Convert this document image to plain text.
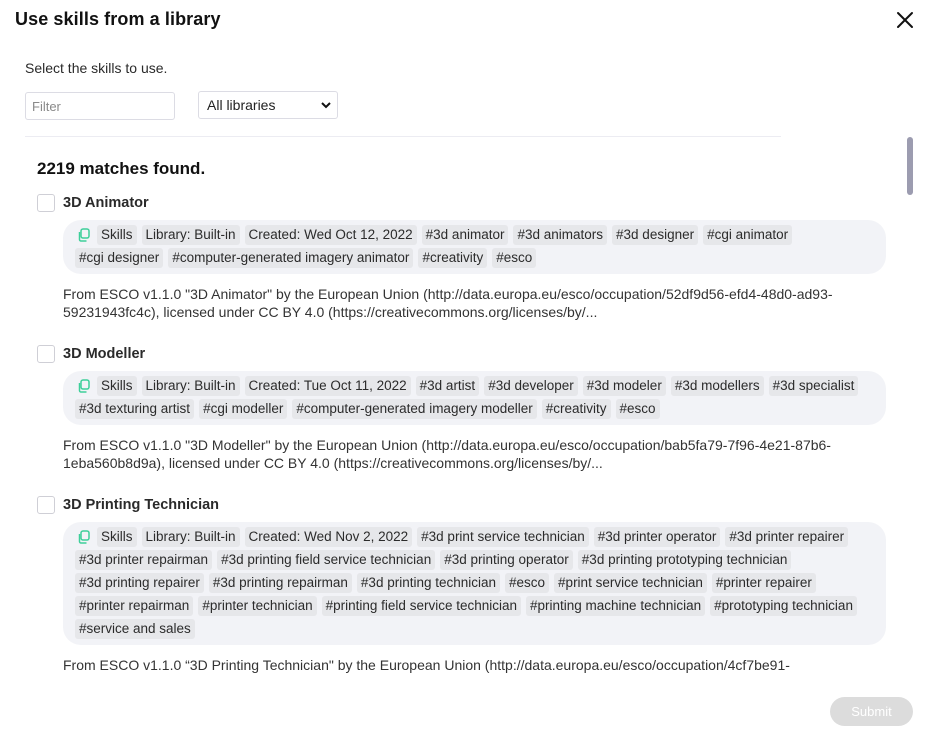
Use skills from a library
Select the skills to use.
Filter
All libraries
2219 matches found.
3D Animator
Skills Library: Built-in Created: Wed Oct 12, 2022 #3d animator #3d animators #3d designer #cgi animator
#cgi designer #computer-generated imagery animator #creativity #esco
From ESCO v1.1.0 "3D Animator" by the European Union (http://data.europa.eu/esco/occupation/52df9d56-efd4-48d0-ad93-59231943fc4c), licensed under CC BY 4.0 (https://creativecommons.org/licenses/by/...
3D Modeller
Skills Library: Built-in Created: Tue Oct 11, 2022 #3d artist #3d developer #3d modeler #3d modellers #3d specialist
#3d texturing artist #cgi modeller #computer-generated imagery modeller #creativity #esco
From ESCO v1.1.0 "3D Modeller" by the European Union (http://data.europa.eu/esco/occupation/bab5fa79-7f96-4e21-87b6-1eba560b8d9a), licensed under CC BY 4.0 (https://creativecommons.org/licenses/by/...
3D Printing Technician
Skills Library: Built-in Created: Wed Nov 2, 2022 #3d print service technician #3d printer operator #3d printer repairer
#3d printer repairman #3d printing field service technician #3d printing operator #3d printing prototyping technician
#3d printing repairer #3d printing repairman #3d printing technician #esco #print service technician #printer repairer
#printer repairman #printer technician #printing field service technician #printing machine technician #prototyping technician
#service and sales
From ESCO v1.1.0 “3D Printing Technician" by the European Union (http://data.europa.eu/esco/occupation/4cf7be91-
Submit
